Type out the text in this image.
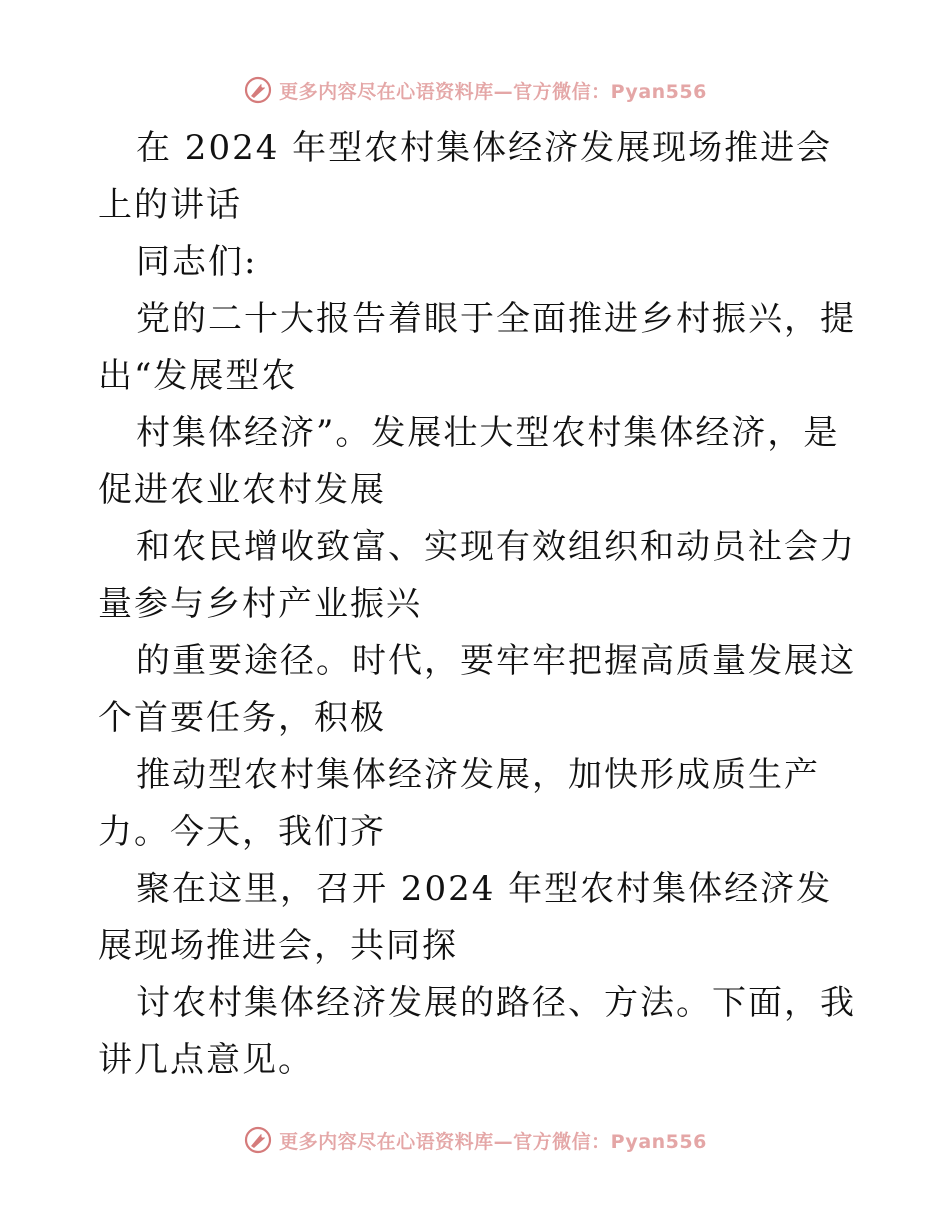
更多内容尽在心语资料库—官方微信：Pyan556

在 2024 年型农村集体经济发展现场推进会上的讲话

同志们:

党的二十大报告着眼于全面推进乡村振兴，提出“发展型农

村集体经济”。发展壮大型农村集体经济，是促进农业农村发展

和农民增收致富、实现有效组织和动员社会力量参与乡村产业振兴

的重要途径。时代，要牢牢把握高质量发展这个首要任务，积极

推动型农村集体经济发展，加快形成质生产力。今天，我们齐

聚在这里，召开 2024 年型农村集体经济发展现场推进会，共同探

讨农村集体经济发展的路径、方法。下面，我讲几点意见。

更多内容尽在心语资料库—官方微信：Pyan556
